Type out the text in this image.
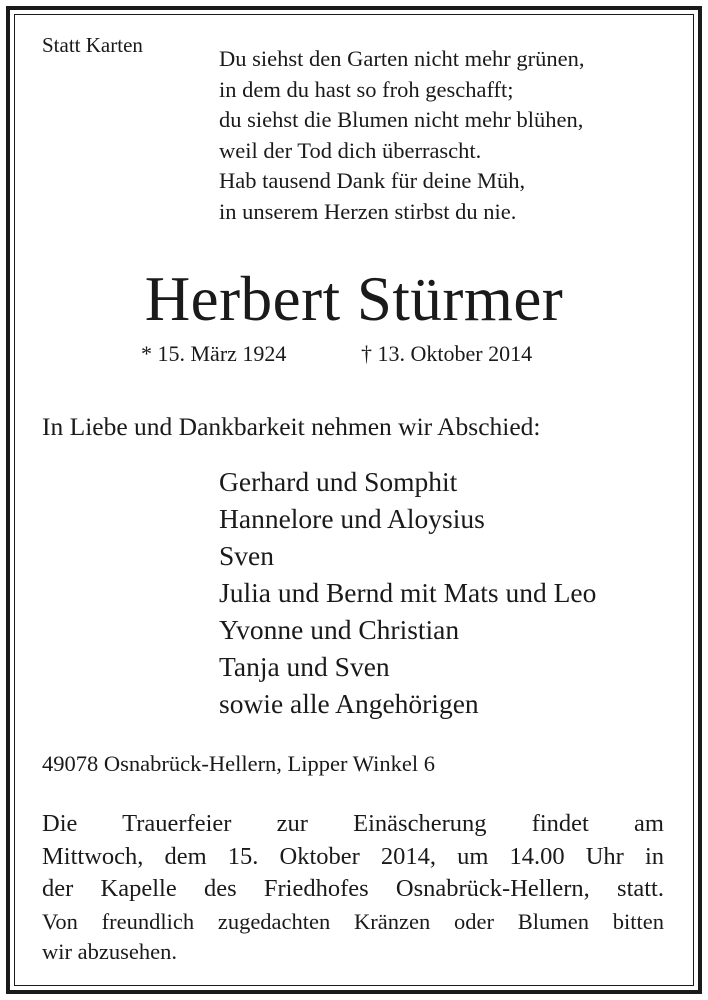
Statt Karten
Du siehst den Garten nicht mehr grünen,
in dem du hast so froh geschafft;
du siehst die Blumen nicht mehr blühen,
weil der Tod dich überrascht.
Hab tausend Dank für deine Müh,
in unserem Herzen stirbst du nie.
Herbert Stürmer
* 15. März 1924	† 13. Oktober 2014
In Liebe und Dankbarkeit nehmen wir Abschied:
Gerhard und Somphit
Hannelore und Aloysius
Sven
Julia und Bernd mit Mats und Leo
Yvonne und Christian
Tanja und Sven
sowie alle Angehörigen
49078 Osnabrück-Hellern, Lipper Winkel 6
Die Trauerfeier zur Einäscherung findet am
Mittwoch, dem 15. Oktober 2014, um 14.00 Uhr in
der Kapelle des Friedhofes Osnabrück-Hellern, statt.
Von freundlich zugedachten Kränzen oder Blumen bitten
wir abzusehen.
